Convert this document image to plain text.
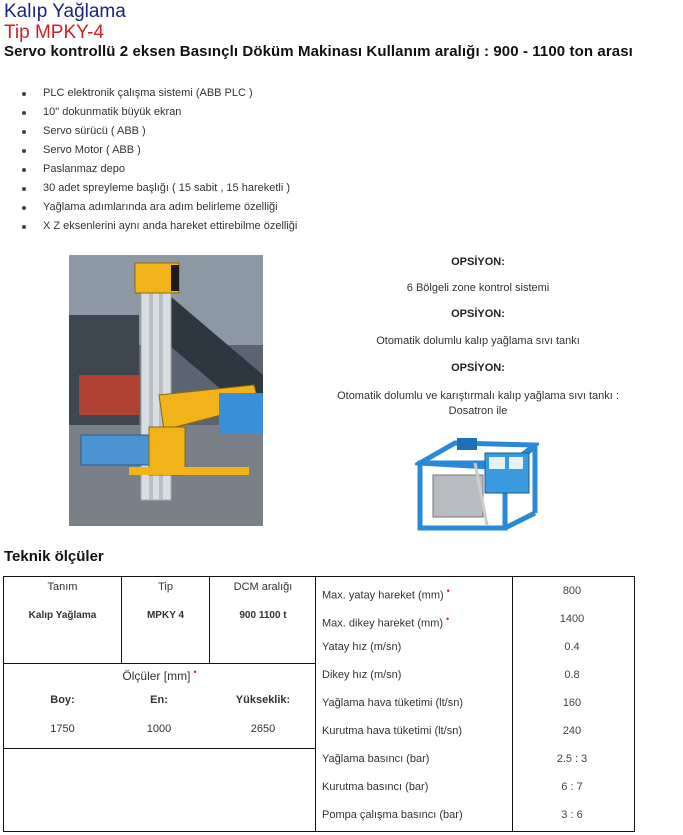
Kalıp Yağlama
Tip MPKY-4
Servo kontrollü 2 eksen Basınçlı Döküm Makinası Kullanım aralığı : 900 - 1100 ton arası
PLC elektronik çalışma sistemi (ABB PLC )
10" dokunmatik büyük ekran
Servo sürücü ( ABB )
Servo Motor ( ABB )
Paslanmaz depo
30 adet spreyleme başlığı ( 15 sabit , 15 hareketli )
Yağlama adımlarında ara adım belirleme özelliği
X Z eksenlerini aynı anda hareket ettirebilme özelliği
OPSİYON:
6 Bölgeli zone kontrol sistemi
OPSİYON:
Otomatik dolumlu kalıp yağlama sıvı tankı
OPSİYON:
Otomatik dolumlu ve karıştırmalı kalıp yağlama sıvı tankı : Dosatron ile
Teknik ölçüler
Tanım	Tip	DCM aralığı
Kalıp Yağlama	MPKY 4	900 1100 t
Ölçüler [mm] •
Boy:	En:	Yükseklik:
1750	1000	2650
Max. yatay hareket (mm) •	800
Max. dikey hareket (mm) •	1400
Yatay hız (m/sn)	0.4
Dikey hız (m/sn)	0.8
Yağlama hava tüketimi (lt/sn)	160
Kurutma hava tüketimi (lt/sn)	240
Yağlama basıncı (bar)	2.5 : 3
Kurutma basıncı (bar)	6 : 7
Pompa çalışma basıncı (bar)	3 : 6
